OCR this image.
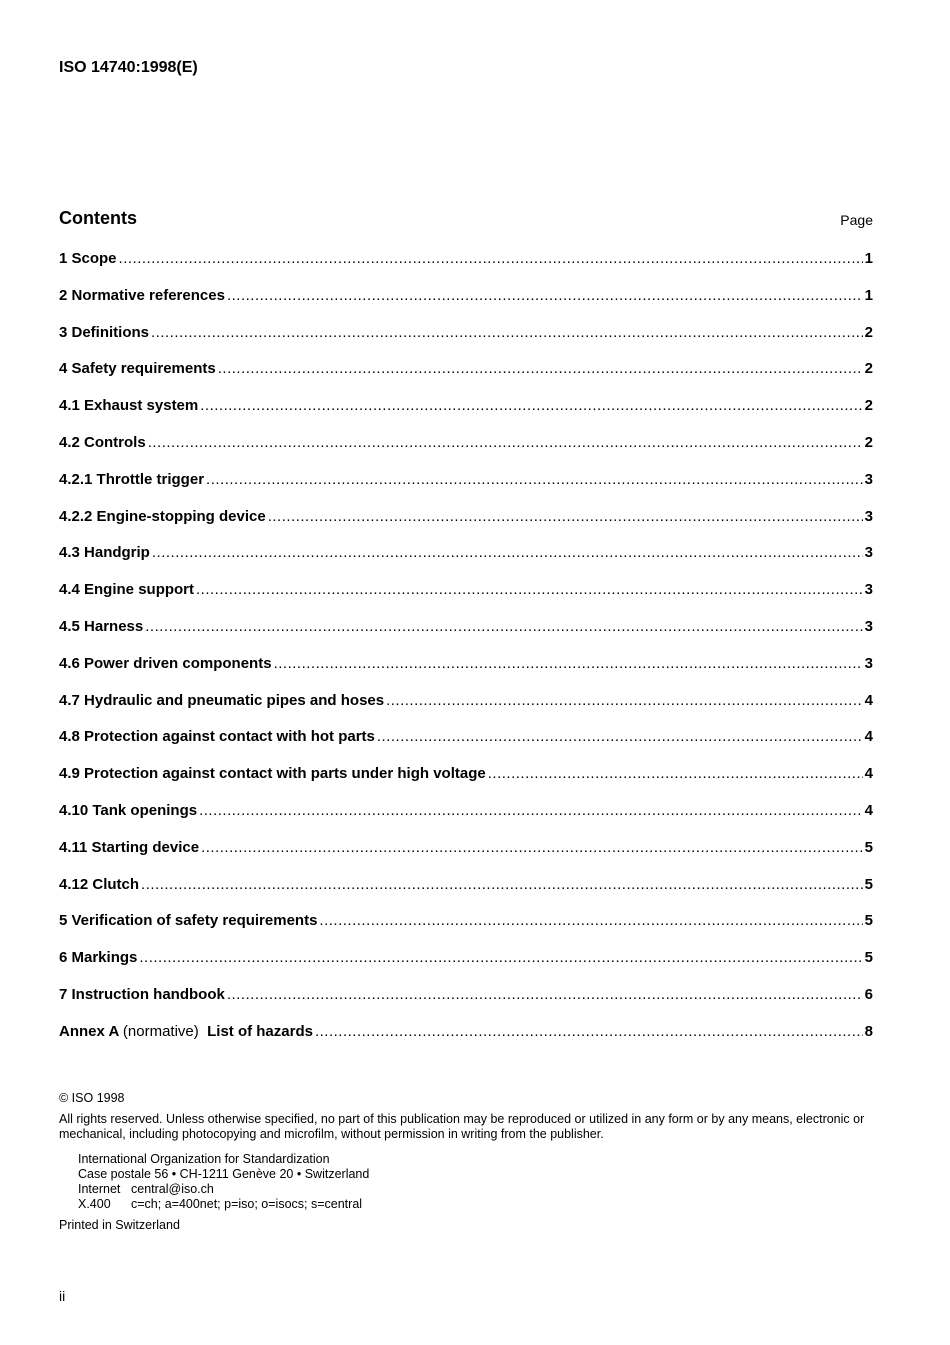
ISO 14740:1998(E)
Contents	Page
1 Scope .....	1
2 Normative references .....	1
3 Definitions .....	2
4 Safety requirements .....	2
4.1 Exhaust system .....	2
4.2 Controls .....	2
4.2.1 Throttle trigger .....	3
4.2.2 Engine-stopping device .....	3
4.3 Handgrip .....	3
4.4 Engine support .....	3
4.5 Harness .....	3
4.6 Power driven components .....	3
4.7 Hydraulic and pneumatic pipes and hoses .....	4
4.8 Protection against contact with hot parts .....	4
4.9 Protection against contact with parts under high voltage .....	4
4.10 Tank openings .....	4
4.11 Starting device .....	5
4.12 Clutch .....	5
5 Verification of safety requirements .....	5
6 Markings .....	5
7 Instruction handbook .....	6
Annex A (normative) List of hazards .....	8
© ISO 1998
All rights reserved. Unless otherwise specified, no part of this publication may be reproduced or utilized in any form or by any means, electronic or mechanical, including photocopying and microfilm, without permission in writing from the publisher.
International Organization for Standardization
Case postale 56 • CH-1211 Genève 20 • Switzerland
Internet central@iso.ch
X.400 c=ch; a=400net; p=iso; o=isocs; s=central
Printed in Switzerland
ii
